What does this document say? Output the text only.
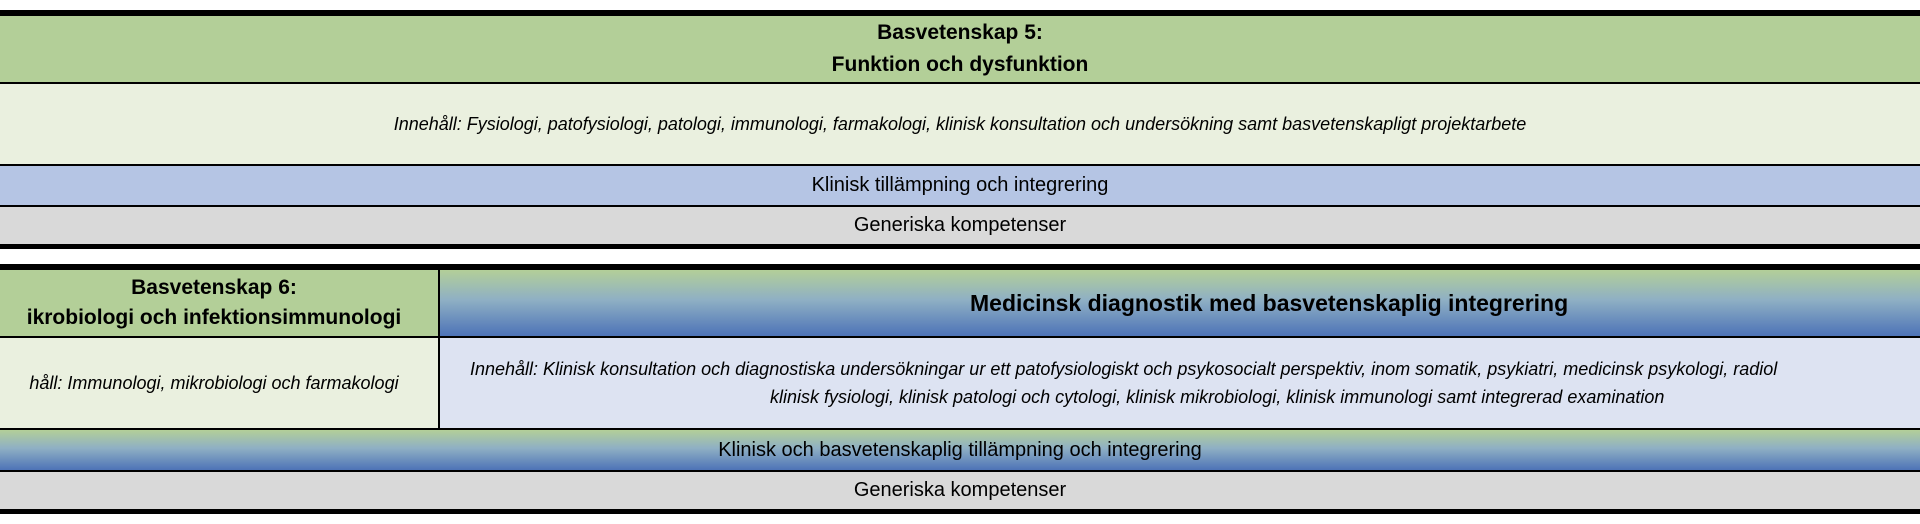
Basvetenskap 5:
Funktion och dysfunktion
Innehåll: Fysiologi, patofysiologi, patologi, immunologi, farmakologi, klinisk konsultation och undersökning samt basvetenskapligt projektarbete
Klinisk tillämpning och integrering
Generiska kompetenser
Basvetenskap 6:
ikrobiologi och infektionsimmunologi
Medicinsk diagnostik med basvetenskaplig integrering
håll: Immunologi, mikrobiologi och farmakologi
Innehåll: Klinisk konsultation och diagnostiska undersökningar ur ett patofysiologiskt och psykosocialt perspektiv, inom somatik, psykiatri, medicinsk psykologi, radiol
klinisk fysiologi, klinisk patologi och cytologi, klinisk mikrobiologi, klinisk immunologi samt integrerad examination
Klinisk och basvetenskaplig tillämpning och integrering
Generiska kompetenser
